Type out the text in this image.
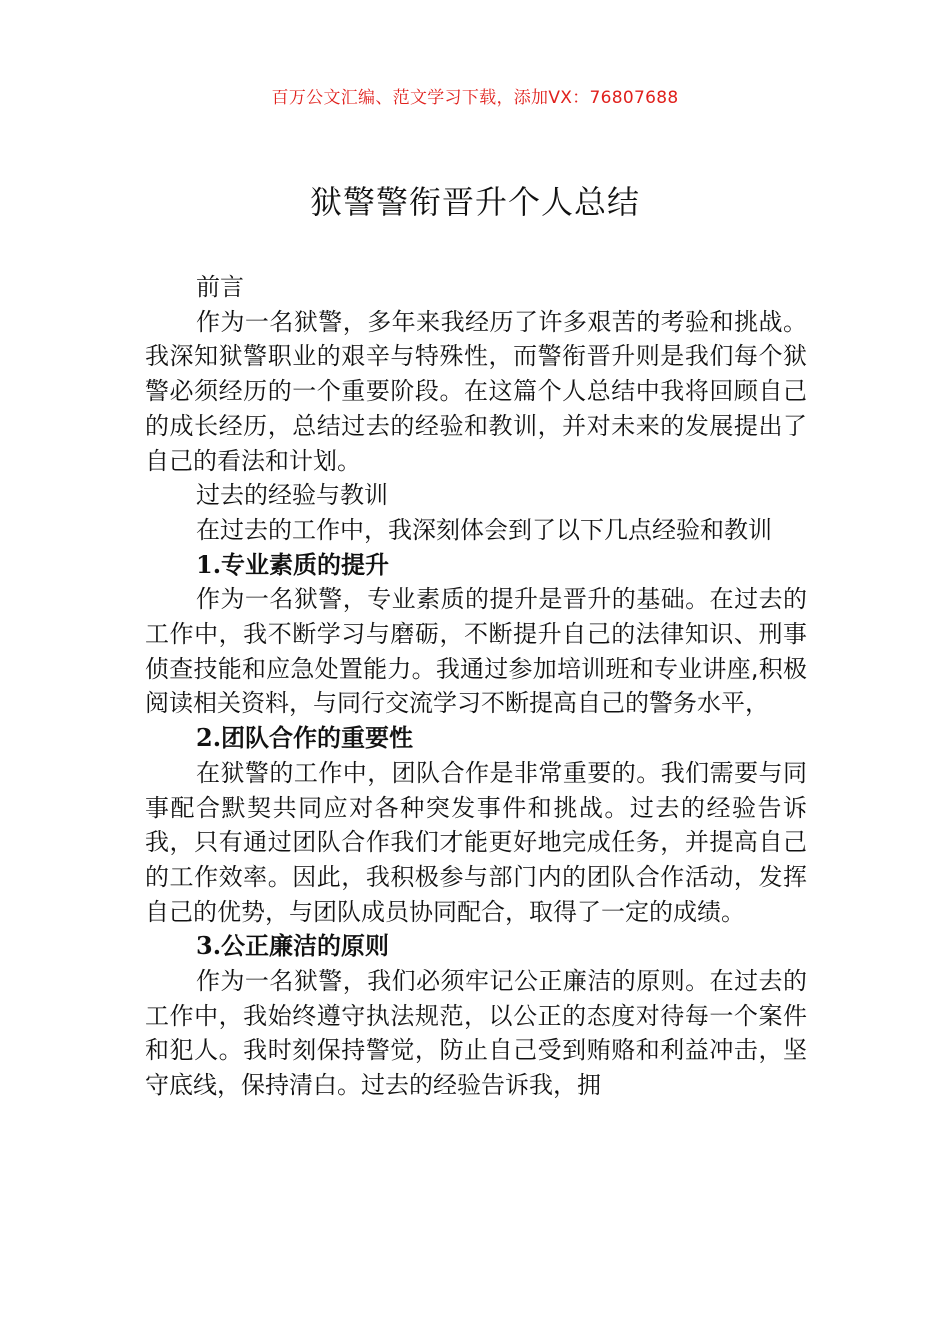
百万公文汇编、范文学习下载，添加VX：76807688
狱警警衔晋升个人总结

前言

作为一名狱警，多年来我经历了许多艰苦的考验和挑战。我深知狱警职业的艰辛与特殊性，而警衔晋升则是我们每个狱警必须经历的一个重要阶段。在这篇个人总结中我将回顾自己的成长经历，总结过去的经验和教训，并对未来的发展提出了自己的看法和计划。

过去的经验与教训

在过去的工作中，我深刻体会到了以下几点经验和教训

1.专业素质的提升

作为一名狱警，专业素质的提升是晋升的基础。在过去的工作中，我不断学习与磨砺，不断提升自己的法律知识、刑事侦查技能和应急处置能力。我通过参加培训班和专业讲座,积极阅读相关资料，与同行交流学习不断提高自己的警务水平，

2.团队合作的重要性

在狱警的工作中，团队合作是非常重要的。我们需要与同事配合默契共同应对各种突发事件和挑战。过去的经验告诉我，只有通过团队合作我们才能更好地完成任务，并提高自己的工作效率。因此，我积极参与部门内的团队合作活动，发挥自己的优势，与团队成员协同配合，取得了一定的成绩。

3.公正廉洁的原则

作为一名狱警，我们必须牢记公正廉洁的原则。在过去的工作中，我始终遵守执法规范，以公正的态度对待每一个案件和犯人。我时刻保持警觉，防止自己受到贿赂和利益冲击，坚守底线，保持清白。过去的经验告诉我，拥
